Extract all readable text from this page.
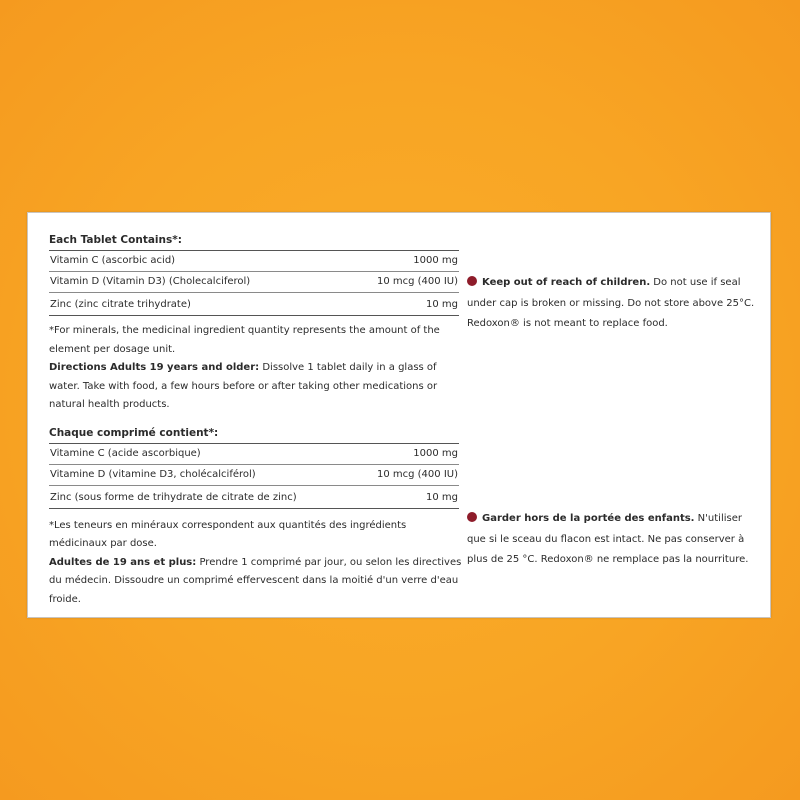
Each Tablet Contains*:
Vitamin C (ascorbic acid)	1000 mg
Vitamin D (Vitamin D3) (Cholecalciferol)	10 mcg (400 IU)
Zinc (zinc citrate trihydrate)	10 mg

*For minerals, the medicinal ingredient quantity represents the amount of the element per dosage unit.

Directions Adults 19 years and older: Dissolve 1 tablet daily in a glass of water. Take with food, a few hours before or after taking other medications or natural health products.

Chaque comprimé contient*:
Vitamine C (acide ascorbique)	1000 mg
Vitamine D (vitamine D3, cholécalciférol)	10 mcg (400 IU)
Zinc (sous forme de trihydrate de citrate de zinc)	10 mg

*Les teneurs en minéraux correspondent aux quantités des ingrédients médicinaux par dose.

Adultes de 19 ans et plus: Prendre 1 comprimé par jour, ou selon les directives du médecin. Dissoudre un comprimé effervescent dans la moitié d'un verre d'eau froide.

Keep out of reach of children. Do not use if seal under cap is broken or missing. Do not store above 25°C. Redoxon® is not meant to replace food.

Garder hors de la portée des enfants. N'utiliser que si le sceau du flacon est intact. Ne pas conserver à plus de 25 °C. Redoxon® ne remplace pas la nourriture.
